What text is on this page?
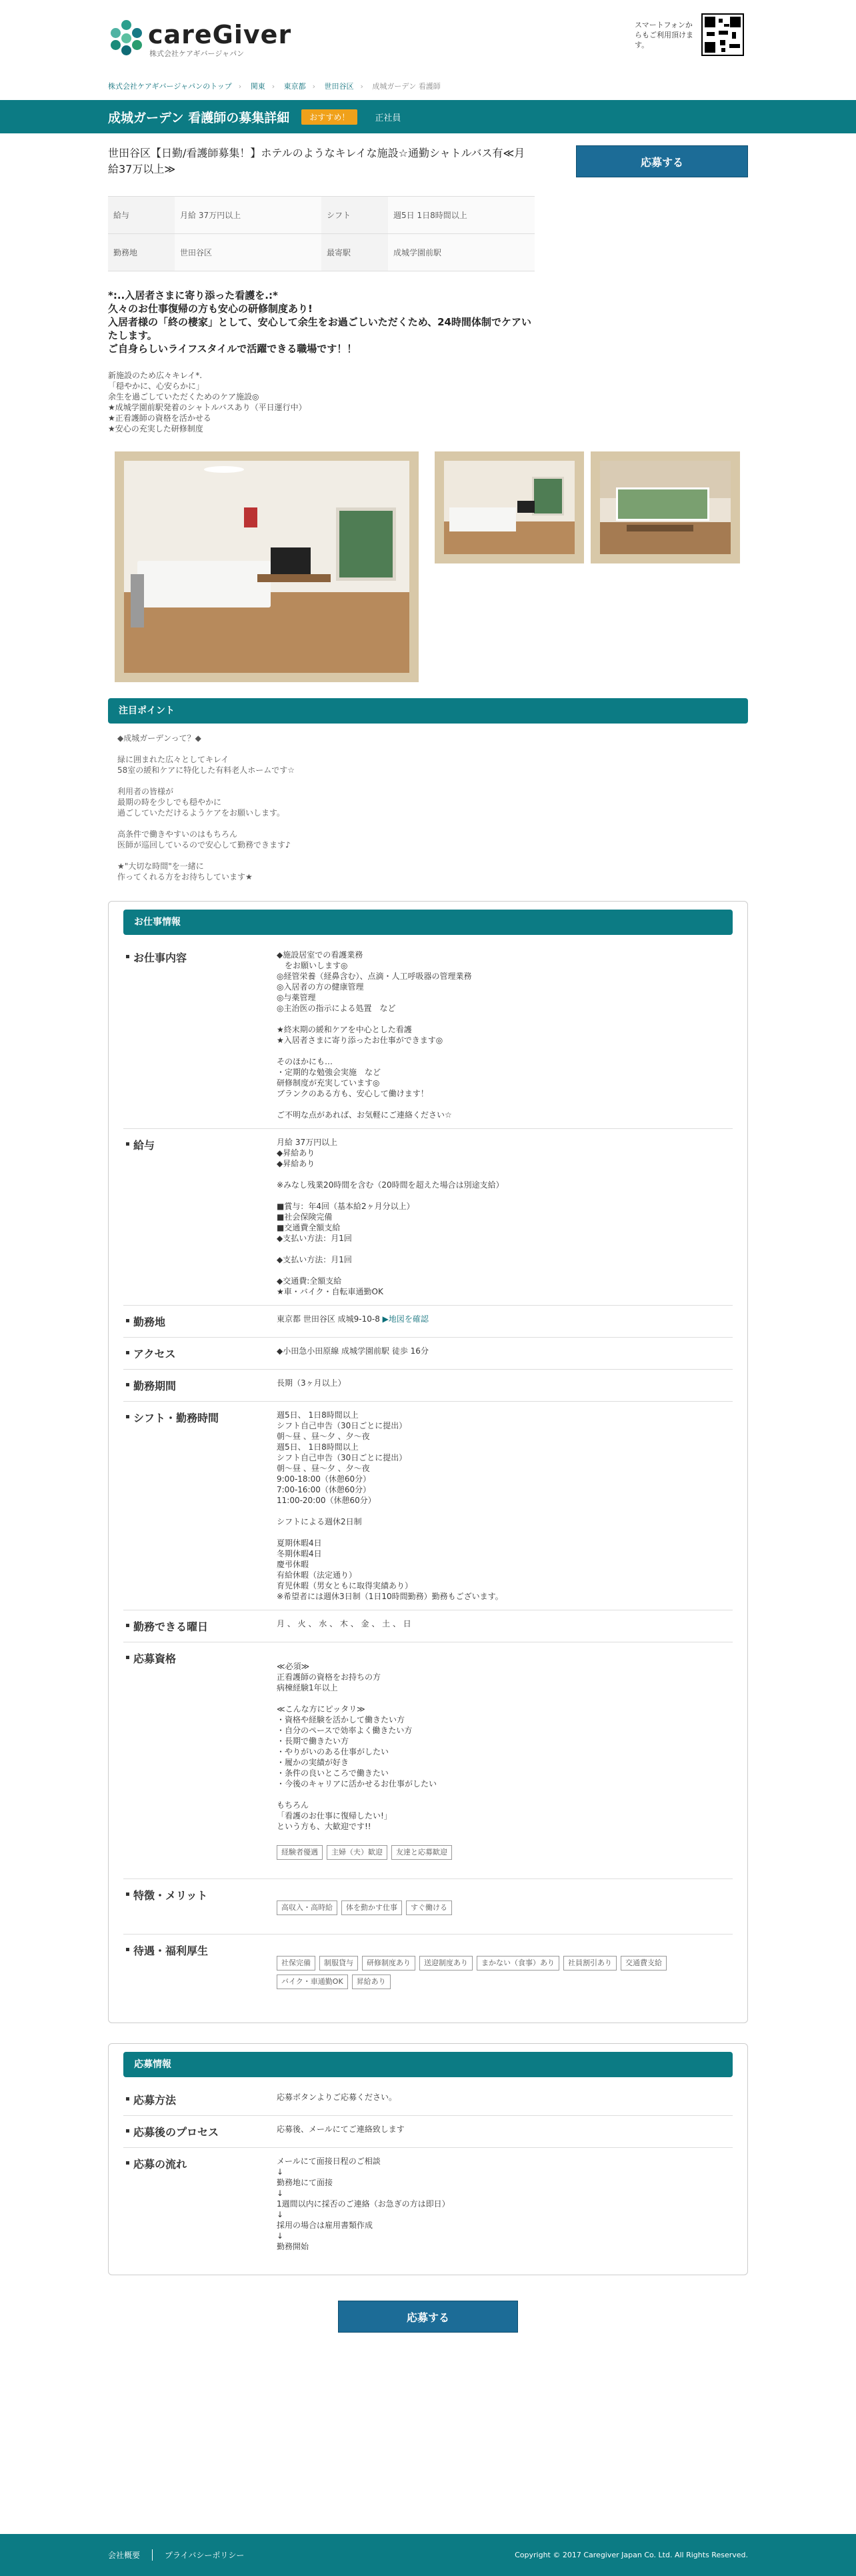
careGiver
株式会社ケアギバージャパン
スマートフォンからもご利用頂けます。
株式会社ケアギバージャパンのトップ › 関東 › 東京都 › 世田谷区 › 成城ガーデン 看護師
成城ガーデン 看護師の募集詳細	おすすめ！	正社員
世田谷区【日勤/看護師募集！】ホテルのようなキレイな施設☆通勤シャトルバス有≪月給37万以上≫
給与	月給 37万円以上	シフト	週5日 1日8時間以上
勤務地	世田谷区	最寄駅	成城学園前駅
応募する
*:..入居者さまに寄り添った看護を.:*
久々のお仕事復帰の方も安心の研修制度あり!
入居者様の「終の棲家」として、安心して余生をお過ごしいただくため、24時間体制でケアいたします。
ご自身らしいライフスタイルで活躍できる職場です！！
新施設のため広々キレイ*.
「穏やかに、心安らかに」
余生を過ごしていただくためのケア施設◎
★成城学園前駅発着のシャトルバスあり（平日運行中）
★正看護師の資格を活かせる
★安心の充実した研修制度
注目ポイント
◆成城ガーデンって？◆

緑に囲まれた広々としてキレイ
58室の緩和ケアに特化した有料老人ホームです☆

利用者の皆様が
最期の時を少しでも穏やかに
過ごしていただけるようケアをお願いします。

高条件で働きやすいのはもちろん
医師が巡回しているので安心して勤務できます♪

★"大切な時間"を一緒に
作ってくれる方をお待ちしています★
お仕事情報
お仕事内容	◆施設居室での看護業務
　をお願いします◎
◎経管栄養（経鼻含む）、点滴・人工呼吸器の管理業務
◎入居者の方の健康管理
◎与薬管理
◎主治医の指示による処置　など

★終末期の緩和ケアを中心とした看護
★入居者さまに寄り添ったお仕事ができます◎

そのほかにも…
・定期的な勉強会実施　など
研修制度が充実しています◎
ブランクのある方も、安心して働けます！

ご不明な点があれば、お気軽にご連絡ください☆
給与	月給 37万円以上
◆昇給あり
◆昇給あり

※みなし残業20時間を含む（20時間を超えた場合は別途支給）

■賞与：年4回（基本給2ヶ月分以上）
■社会保険完備
■交通費全額支給
◆支払い方法：月1回

◆支払い方法：月1回

◆交通費:全額支給
★車・バイク・自転車通勤OK
勤務地	東京都 世田谷区 成城9-10-8 ▶地図を確認
アクセス	◆小田急小田原線 成城学園前駅 徒歩 16分
勤務期間	長期（3ヶ月以上）
シフト・勤務時間	週5日、 1日8時間以上
シフト自己申告（30日ごとに提出）
朝〜昼 、昼〜夕 、夕〜夜
週5日、 1日8時間以上
シフト自己申告（30日ごとに提出）
朝〜昼 、昼〜夕 、夕〜夜
9:00-18:00（休憩60分）
7:00-16:00（休憩60分）
11:00-20:00（休憩60分）

シフトによる週休2日制

夏期休暇4日
冬期休暇4日
慶弔休暇
有給休暇（法定通り）
育児休暇（男女ともに取得実績あり）
※希望者には週休3日制（1日10時間勤務）勤務もございます。
勤務できる曜日	月 、 火 、 水 、 木 、 金 、 土 、 日
応募資格

≪必須≫
正看護師の資格をお持ちの方
病棟経験1年以上

≪こんな方にピッタリ≫
・資格や経験を活かして働きたい方
・自分のペースで効率よく働きたい方
・長期で働きたい方
・やりがいのある仕事がしたい
・履かの実績が好き
・条件の良いところで働きたい
・今後のキャリアに活かせるお仕事がしたい

もちろん
「看護のお仕事に復帰したい!」
という方も、大歓迎です!!

経験者優遇	主婦（夫）歓迎	友達と応募歓迎

特徴・メリット

高収入・高時給	体を動かす仕事	すぐ働ける

待遇・福利厚生

社保完備	制服貸与	研修制度あり	送迎制度あり	まかない（食事）あり	社員割引あり	交通費支給
バイク・車通勤OK	昇給あり

応募情報
応募方法	応募ボタンよりご応募ください。
応募後のプロセス	応募後、メールにてご連絡致します
応募の流れ	メールにて面接日程のご相談
↓
勤務地にて面接
↓
1週間以内に採否のご連絡（お急ぎの方は即日）
↓
採用の場合は雇用書類作成
↓
勤務開始
応募する
会社概要	プライバシーポリシー	Copyright © 2017 Caregiver Japan Co. Ltd. All Rights Reserved.
